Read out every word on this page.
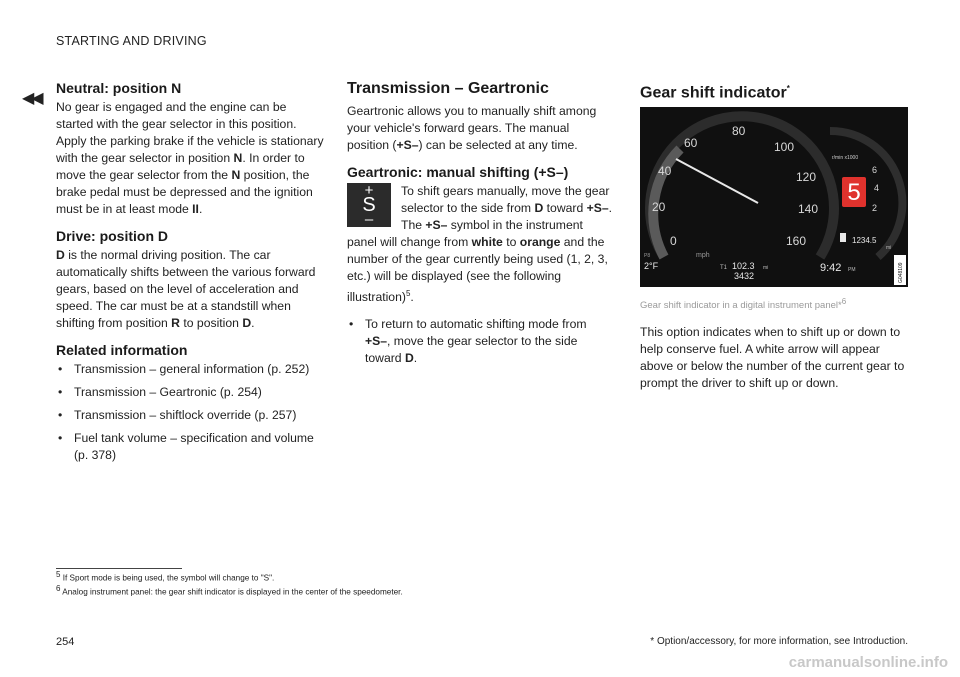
STARTING AND DRIVING
◀◀
Neutral: position N

No gear is engaged and the engine can be started with the gear selector in this position. Apply the parking brake if the vehicle is stationary with the gear selector in position N. In order to move the gear selector from the N position, the brake pedal must be depressed and the ignition must be in at least mode II.

Drive: position D

D is the normal driving position. The car automatically shifts between the various forward gears, based on the level of acceleration and speed. The car must be at a standstill when shifting from position R to position D.

Related information
• Transmission – general information (p. 252)
• Transmission – Geartronic (p. 254)
• Transmission – shiftlock override (p. 257)
• Fuel tank volume – specification and volume (p. 378)
Transmission – Geartronic

Geartronic allows you to manually shift among your vehicle's forward gears. The manual position (+S–) can be selected at any time.

Geartronic: manual shifting (+S–)
+
S
–
To shift gears manually, move the gear selector to the side from D toward +S–. The +S– symbol in the instrument panel will change from white to orange and the number of the gear currently being used (1, 2, 3, etc.) will be displayed (see the following illustration)$^5$.
• To return to automatic shifting mode from +S–, move the gear selector to the side toward D.
Gear shift indicator*
0
20
40
60
80
100
120
140
160
mph
T1 102.3 mi
3432
r/min x1000
6
4
2
5
1234.5
mi
9:42 PM
P8
2°F	G048109
Gear shift indicator in a digital instrument panel*$^6$

This option indicates when to shift up or down to help conserve fuel. A white arrow will appear above or below the number of the current gear to prompt the driver to shift up or down.

5 If Sport mode is being used, the symbol will change to "S".
6 Analog instrument panel: the gear shift indicator is displayed in the center of the speedometer.
254	* Option/accessory, for more information, see Introduction.
carmanualsonline.info
